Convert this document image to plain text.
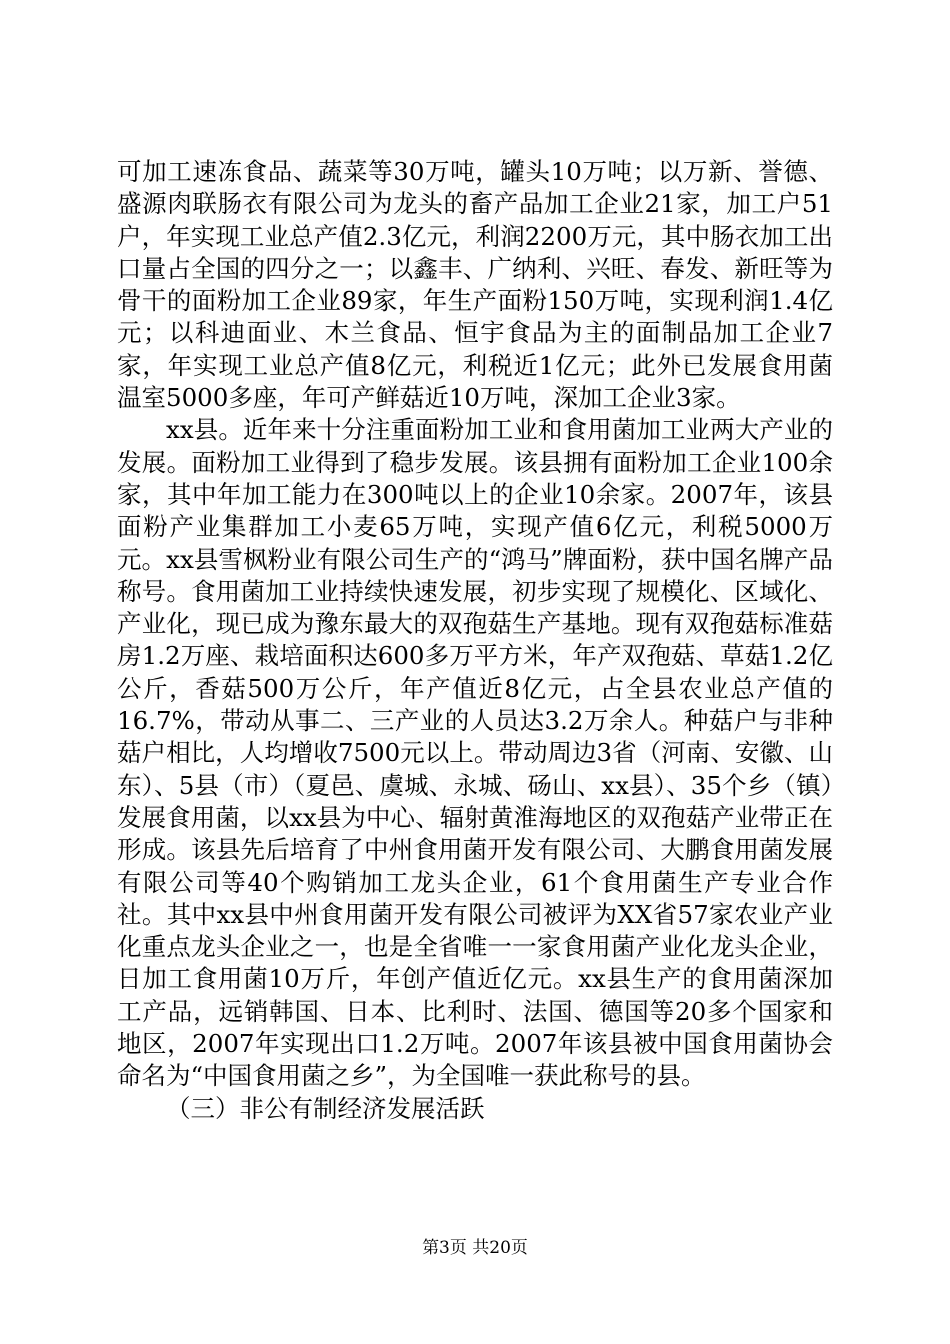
可加工速冻食品、蔬菜等30万吨，罐头10万吨；以万新、誉德、盛源肉联肠衣有限公司为龙头的畜产品加工企业21家，加工户51户，年实现工业总产值2.3亿元，利润2200万元，其中肠衣加工出口量占全国的四分之一；以鑫丰、广纳利、兴旺、春发、新旺等为骨干的面粉加工企业89家，年生产面粉150万吨，实现利润1.4亿元；以科迪面业、木兰食品、恒宇食品为主的面制品加工企业7家，年实现工业总产值8亿元，利税近1亿元；此外已发展食用菌温室5000多座，年可产鲜菇近10万吨，深加工企业3家。

xx县。近年来十分注重面粉加工业和食用菌加工业两大产业的发展。面粉加工业得到了稳步发展。该县拥有面粉加工企业100余家，其中年加工能力在300吨以上的企业10余家。2007年，该县面粉产业集群加工小麦65万吨，实现产值6亿元，利税5000万元。xx县雪枫粉业有限公司生产的“鸿马”牌面粉，获中国名牌产品称号。食用菌加工业持续快速发展，初步实现了规模化、区域化、产业化，现已成为豫东最大的双孢菇生产基地。现有双孢菇标准菇房1.2万座、栽培面积达600多万平方米，年产双孢菇、草菇1.2亿公斤，香菇500万公斤，年产值近8亿元，占全县农业总产值的16.7%，带动从事二、三产业的人员达3.2万余人。种菇户与非种菇户相比，人均增收7500元以上。带动周边3省（河南、安徽、山东）、5县（市）（夏邑、虞城、永城、砀山、xx县）、35个乡（镇）发展食用菌，以xx县为中心、辐射黄淮海地区的双孢菇产业带正在形成。该县先后培育了中州食用菌开发有限公司、大鹏食用菌发展有限公司等40个购销加工龙头企业，61个食用菌生产专业合作社。其中xx县中州食用菌开发有限公司被评为XX省57家农业产业化重点龙头企业之一，也是全省唯一一家食用菌产业化龙头企业，日加工食用菌10万斤，年创产值近亿元。xx县生产的食用菌深加工产品，远销韩国、日本、比利时、法国、德国等20多个国家和地区，2007年实现出口1.2万吨。2007年该县被中国食用菌协会命名为“中国食用菌之乡”，为全国唯一获此称号的县。

（三）非公有制经济发展活跃

第3页 共20页
